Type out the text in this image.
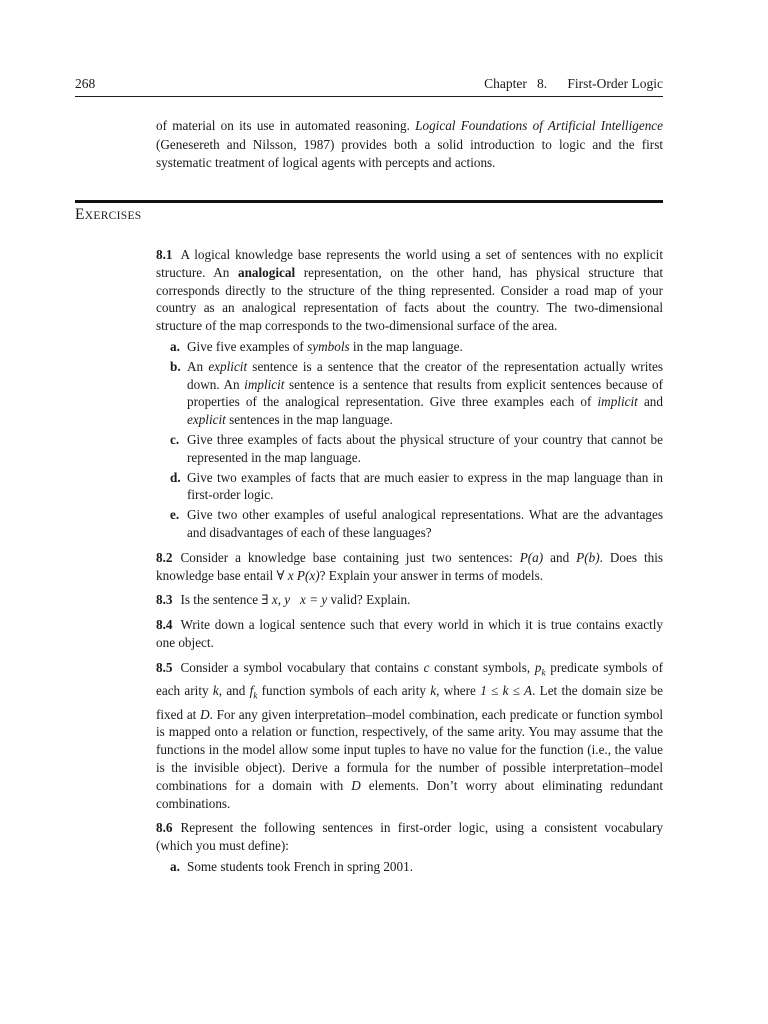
268	Chapter   8.      First-Order Logic

of material on its use in automated reasoning. Logical Foundations of Artificial Intelligence (Genesereth and Nilsson, 1987) provides both a solid introduction to logic and the first systematic treatment of logical agents with percepts and actions.

EXERCISES
8.1 A logical knowledge base represents the world using a set of sentences with no explicit structure. An analogical representation, on the other hand, has physical structure that corresponds directly to the structure of the thing represented. Consider a road map of your country as an analogical representation of facts about the country. The two-dimensional structure of the map corresponds to the two-dimensional surface of the area.
a. Give five examples of symbols in the map language.
b. An explicit sentence is a sentence that the creator of the representation actually writes down. An implicit sentence is a sentence that results from explicit sentences because of properties of the analogical representation. Give three examples each of implicit and explicit sentences in the map language.
c. Give three examples of facts about the physical structure of your country that cannot be represented in the map language.
d. Give two examples of facts that are much easier to express in the map language than in first-order logic.
e. Give two other examples of useful analogical representations. What are the advantages and disadvantages of each of these languages?
8.2 Consider a knowledge base containing just two sentences: P(a) and P(b). Does this knowledge base entail ∀ x P(x)? Explain your answer in terms of models.
8.3 Is the sentence ∃ x, y   x = y valid? Explain.
8.4 Write down a logical sentence such that every world in which it is true contains exactly one object.
8.5 Consider a symbol vocabulary that contains c constant symbols, $p_k$ predicate symbols of each arity k, and $f_k$ function symbols of each arity k, where 1 ≤ k ≤ A. Let the domain size be fixed at D. For any given interpretation–model combination, each predicate or function symbol is mapped onto a relation or function, respectively, of the same arity. You may assume that the functions in the model allow some input tuples to have no value for the function (i.e., the value is the invisible object). Derive a formula for the number of possible interpretation–model combinations for a domain with D elements. Don’t worry about eliminating redundant combinations.
8.6 Represent the following sentences in first-order logic, using a consistent vocabulary (which you must define):
a. Some students took French in spring 2001.
